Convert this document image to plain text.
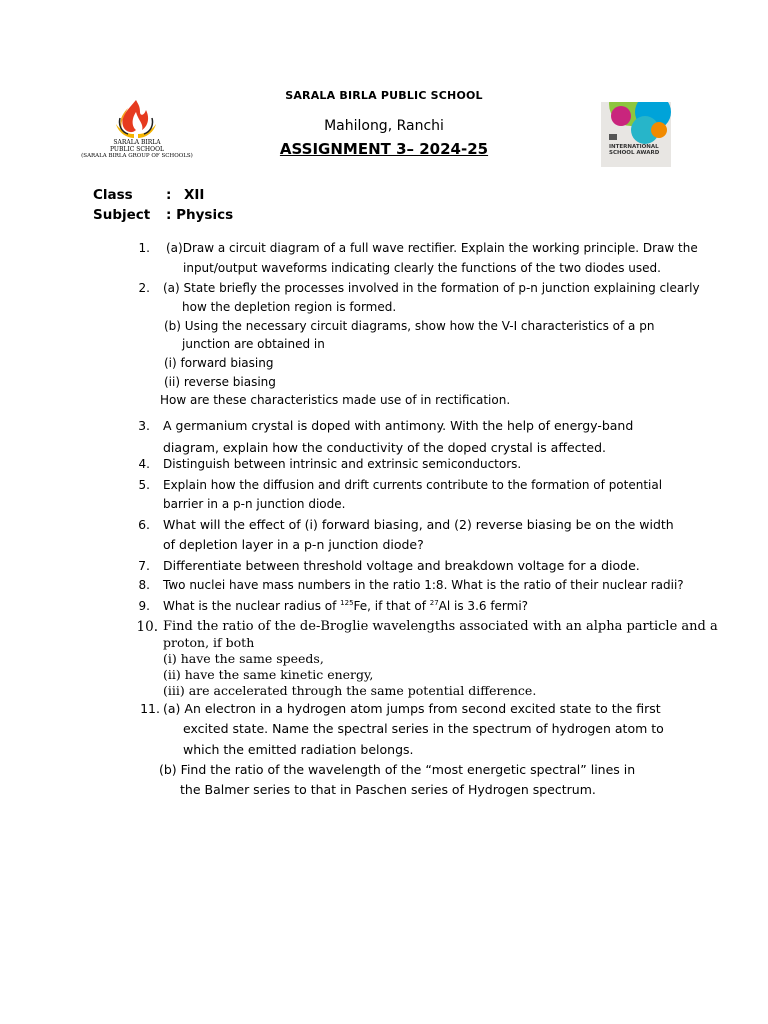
SARALA BIRLA
PUBLIC SCHOOL
(SARALA BIRLA GROUP OF SCHOOLS)
INTERNATIONAL
SCHOOL AWARD
SARALA BIRLA PUBLIC SCHOOL
Mahilong, Ranchi
ASSIGNMENT 3– 2024-25
Class : XII
Subject : Physics
1. (a)Draw a circuit diagram of a full wave rectifier. Explain the working principle. Draw the
input/output waveforms indicating clearly the functions of the two diodes used.
2. (a) State briefly the processes involved in the formation of p-n junction explaining clearly
how the depletion region is formed.
(b) Using the necessary circuit diagrams, show how the V-I characteristics of a pn
junction are obtained in
(i) forward biasing
(ii) reverse biasing
How are these characteristics made use of in rectification.
3. A germanium crystal is doped with antimony. With the help of energy-band
diagram, explain how the conductivity of the doped crystal is affected.
4. Distinguish between intrinsic and extrinsic semiconductors.
5. Explain how the diffusion and drift currents contribute to the formation of potential
barrier in a p-n junction diode.
6. What will the effect of (i) forward biasing, and (2) reverse biasing be on the width
of depletion layer in a p-n junction diode?
7. Differentiate between threshold voltage and breakdown voltage for a diode.
8. Two nuclei have mass numbers in the ratio 1:8. What is the ratio of their nuclear radii?
9. What is the nuclear radius of $^{125}$Fe, if that of $^{27}$Al is 3.6 fermi?
10. Find the ratio of the de-Broglie wavelengths associated with an alpha particle and a
proton, if both
(i) have the same speeds,
(ii) have the same kinetic energy,
(iii) are accelerated through the same potential difference.
11. (a) An electron in a hydrogen atom jumps from second excited state to the first
excited state. Name the spectral series in the spectrum of hydrogen atom to
which the emitted radiation belongs.
(b) Find the ratio of the wavelength of the “most energetic spectral” lines in
the Balmer series to that in Paschen series of Hydrogen spectrum.
